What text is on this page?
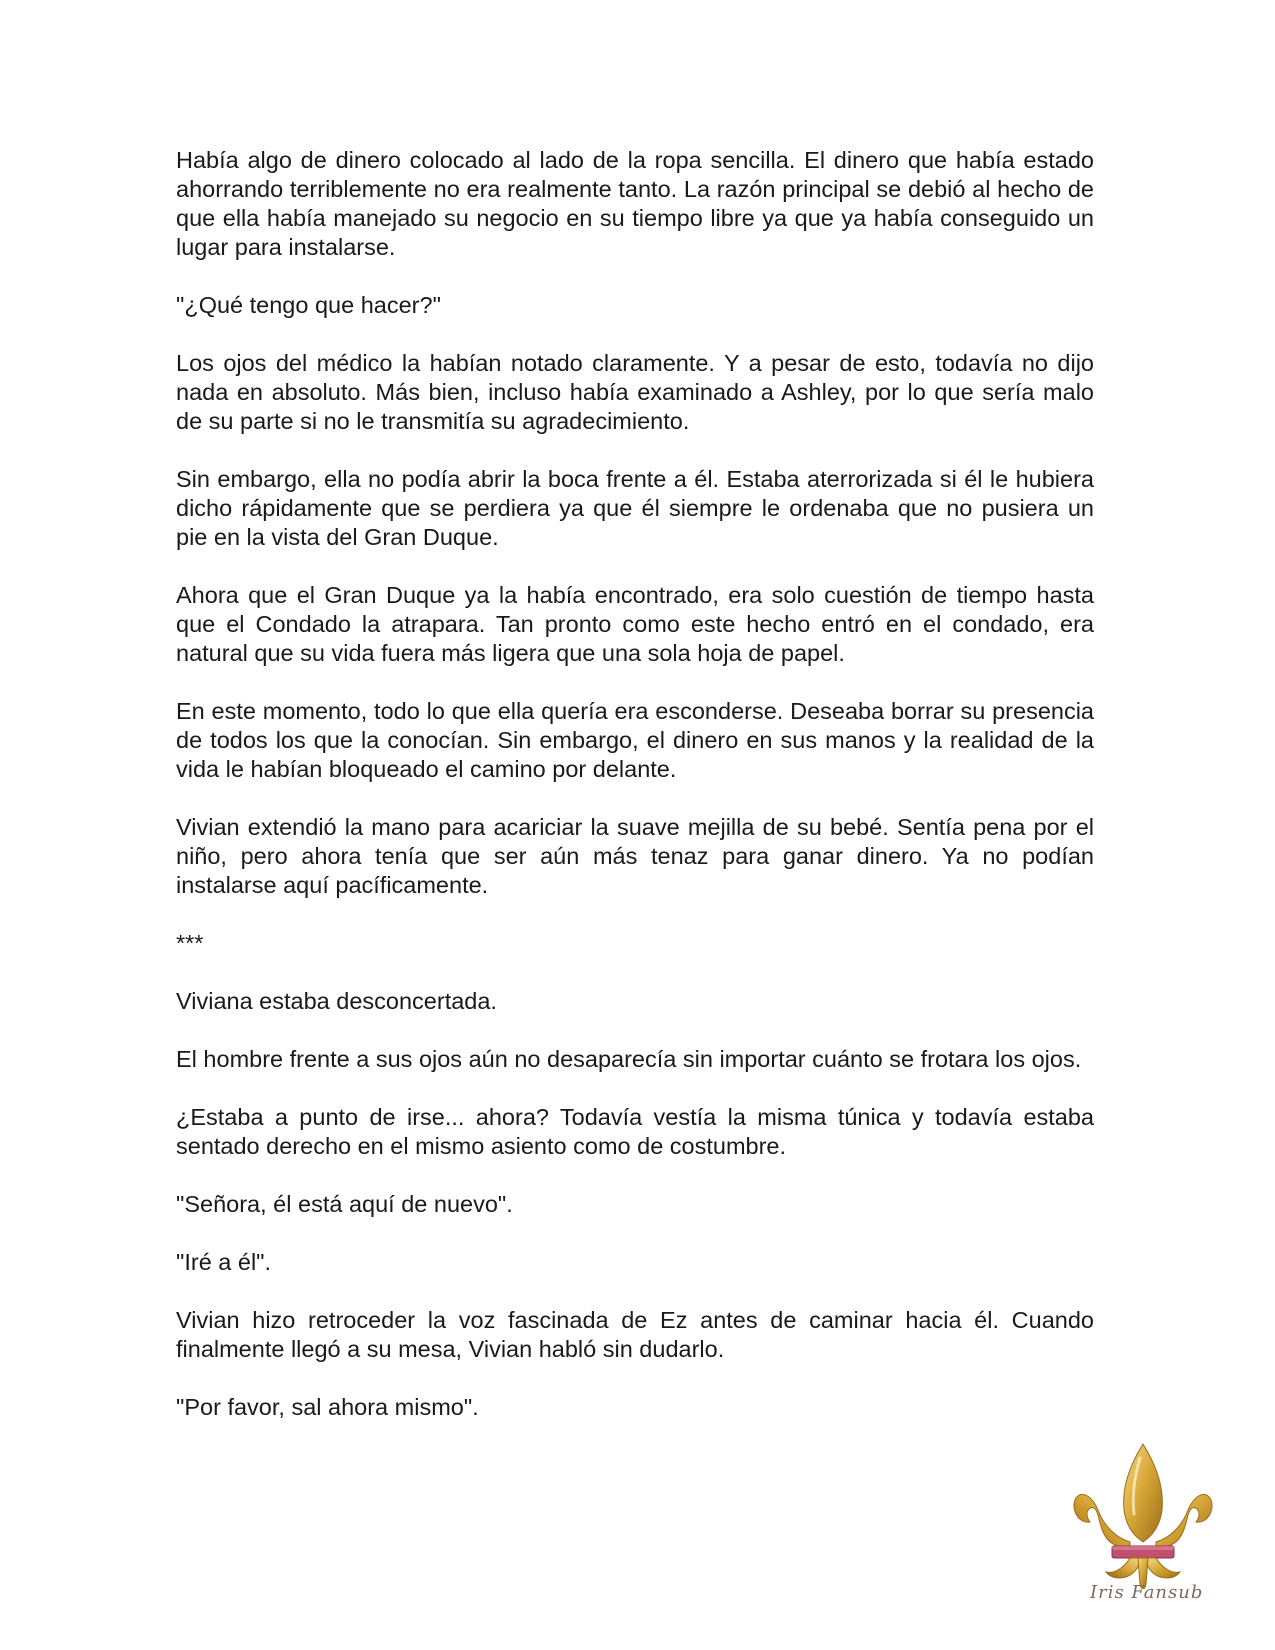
Había algo de dinero colocado al lado de la ropa sencilla. El dinero que había estado ahorrando terriblemente no era realmente tanto. La razón principal se debió al hecho de que ella había manejado su negocio en su tiempo libre ya que ya había conseguido un lugar para instalarse.

"¿Qué tengo que hacer?"

Los ojos del médico la habían notado claramente. Y a pesar de esto, todavía no dijo nada en absoluto. Más bien, incluso había examinado a Ashley, por lo que sería malo de su parte si no le transmitía su agradecimiento.

Sin embargo, ella no podía abrir la boca frente a él. Estaba aterrorizada si él le hubiera dicho rápidamente que se perdiera ya que él siempre le ordenaba que no pusiera un pie en la vista del Gran Duque.

Ahora que el Gran Duque ya la había encontrado, era solo cuestión de tiempo hasta que el Condado la atrapara. Tan pronto como este hecho entró en el condado, era natural que su vida fuera más ligera que una sola hoja de papel.

En este momento, todo lo que ella quería era esconderse. Deseaba borrar su presencia de todos los que la conocían. Sin embargo, el dinero en sus manos y la realidad de la vida le habían bloqueado el camino por delante.

Vivian extendió la mano para acariciar la suave mejilla de su bebé. Sentía pena por el niño, pero ahora tenía que ser aún más tenaz para ganar dinero. Ya no podían instalarse aquí pacíficamente.

***

Viviana estaba desconcertada.

El hombre frente a sus ojos aún no desaparecía sin importar cuánto se frotara los ojos.

¿Estaba a punto de irse... ahora? Todavía vestía la misma túnica y todavía estaba sentado derecho en el mismo asiento como de costumbre.

"Señora, él está aquí de nuevo".

"Iré a él".

Vivian hizo retroceder la voz fascinada de Ez antes de caminar hacia él. Cuando finalmente llegó a su mesa, Vivian habló sin dudarlo.

"Por favor, sal ahora mismo".

Iris Fansub
